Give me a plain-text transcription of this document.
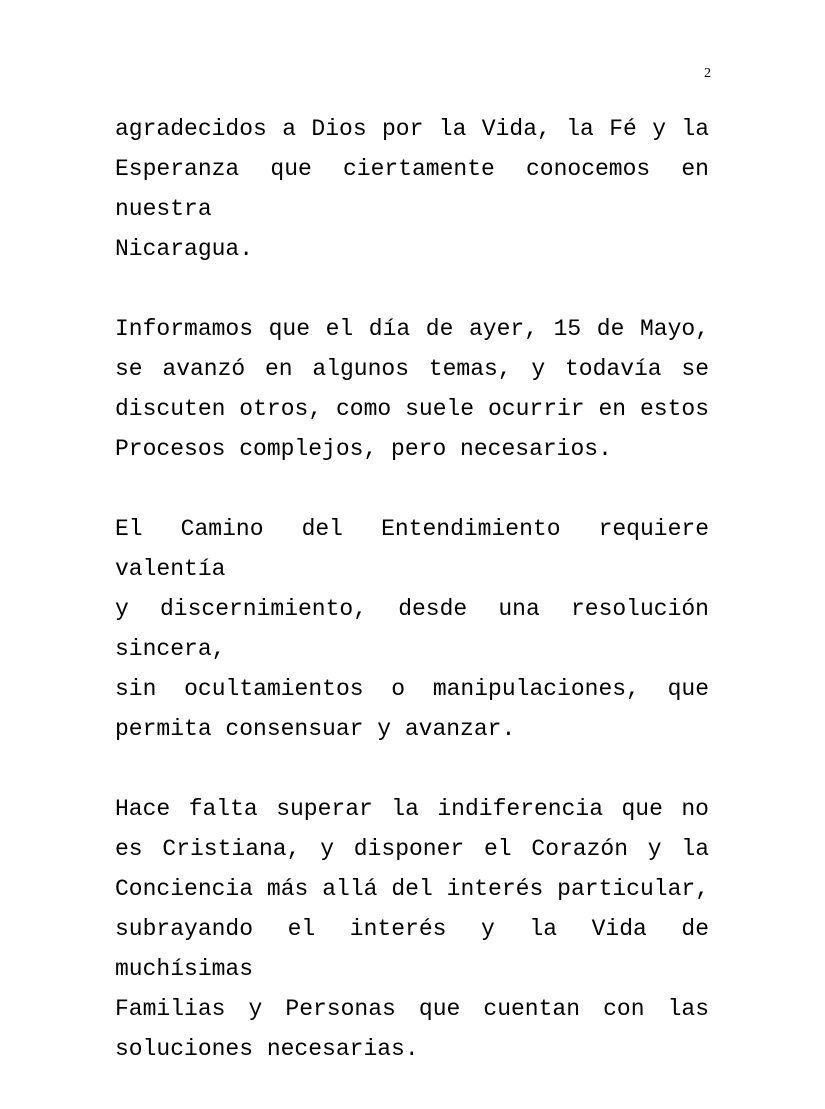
2
agradecidos a Dios por la Vida, la Fé y la
Esperanza que ciertamente conocemos en nuestra
Nicaragua.
Informamos que el día de ayer, 15 de Mayo,
se avanzó en algunos temas, y todavía se
discuten otros, como suele ocurrir en estos
Procesos complejos, pero necesarios.
El Camino del Entendimiento requiere valentía
y discernimiento, desde una resolución sincera,
sin ocultamientos o manipulaciones, que
permita consensuar y avanzar.
Hace falta superar la indiferencia que no
es Cristiana, y disponer el Corazón y la
Conciencia más allá del interés particular,
subrayando el interés y la Vida de muchísimas
Familias y Personas que cuentan con las
soluciones necesarias.
